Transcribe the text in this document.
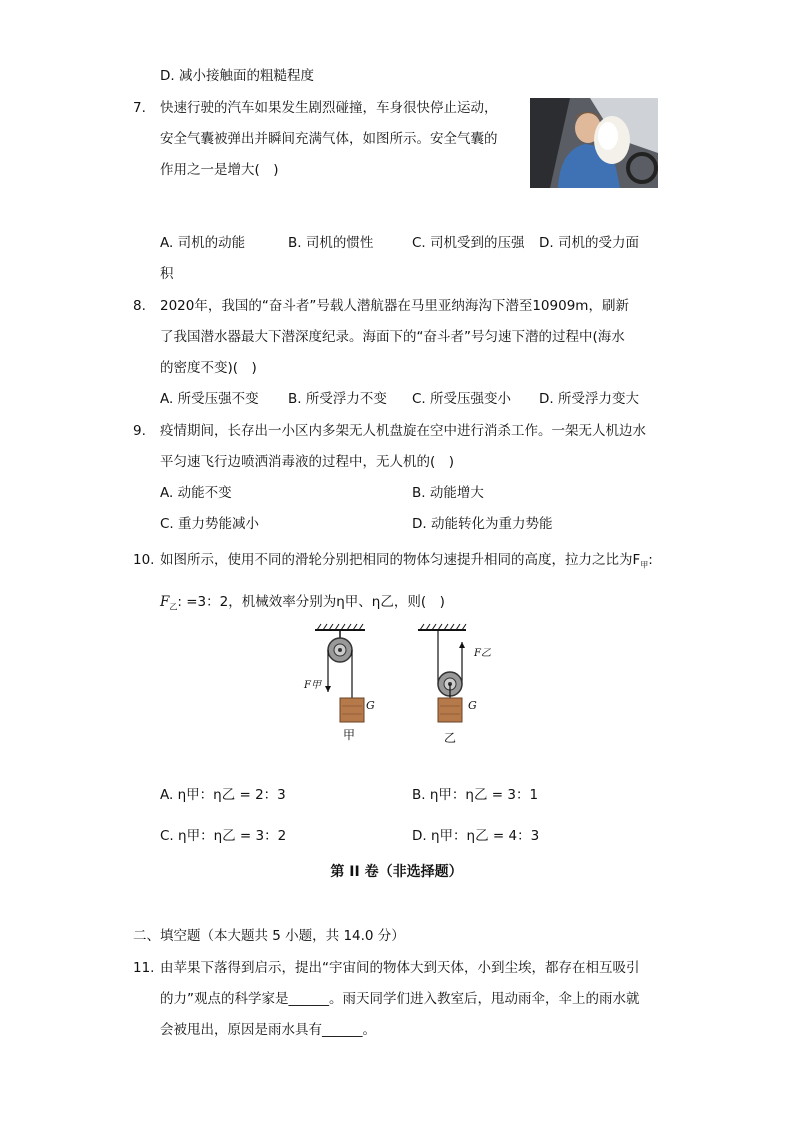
D. 减小接触面的粗糙程度
7. 快速行驶的汽车如果发生剧烈碰撞，车身很快停止运动，
安全气囊被弹出并瞬间充满气体，如图所示。安全气囊的
作用之一是增大(　)
A. 司机的动能	B. 司机的惯性	C. 司机受到的压强 D. 司机的受力面
积
8. 2020年，我国的“奋斗者”号载人潜航器在马里亚纳海沟下潜至10909m，刷新
了我国潜水器最大下潜深度纪录。海面下的“奋斗者”号匀速下潜的过程中(海水
的密度不变)(　)
A. 所受压强不变 B. 所受浮力不变 C. 所受压强变小 D. 所受浮力变大
9. 疫情期间，长存出一小区内多架无人机盘旋在空中进行消杀工作。一架无人机边水
平匀速飞行边喷洒消毒液的过程中，无人机的(　)
A. 动能不变	B. 动能增大
C. 重力势能减小	D. 动能转化为重力势能
10. 如图所示，使用不同的滑轮分别把相同的物体匀速提升相同的高度，拉力之比为$F_甲$:
$F_乙$: =3：2，机械效率分别为η甲、η乙，则(　)
F甲
G
甲
F乙
G
乙
A. η甲：η乙 = 2：3	B. η甲：η乙 = 3：1
C. η甲：η乙 = 3：2	D. η甲：η乙 = 4：3
第 II 卷（非选择题）
二、填空题（本大题共 5 小题，共 14.0 分）
11. 由苹果下落得到启示，提出“宇宙间的物体大到天体，小到尘埃，都存在相互吸引
的力”观点的科学家是______。雨天同学们进入教室后，甩动雨伞，伞上的雨水就
会被甩出，原因是雨水具有______。
